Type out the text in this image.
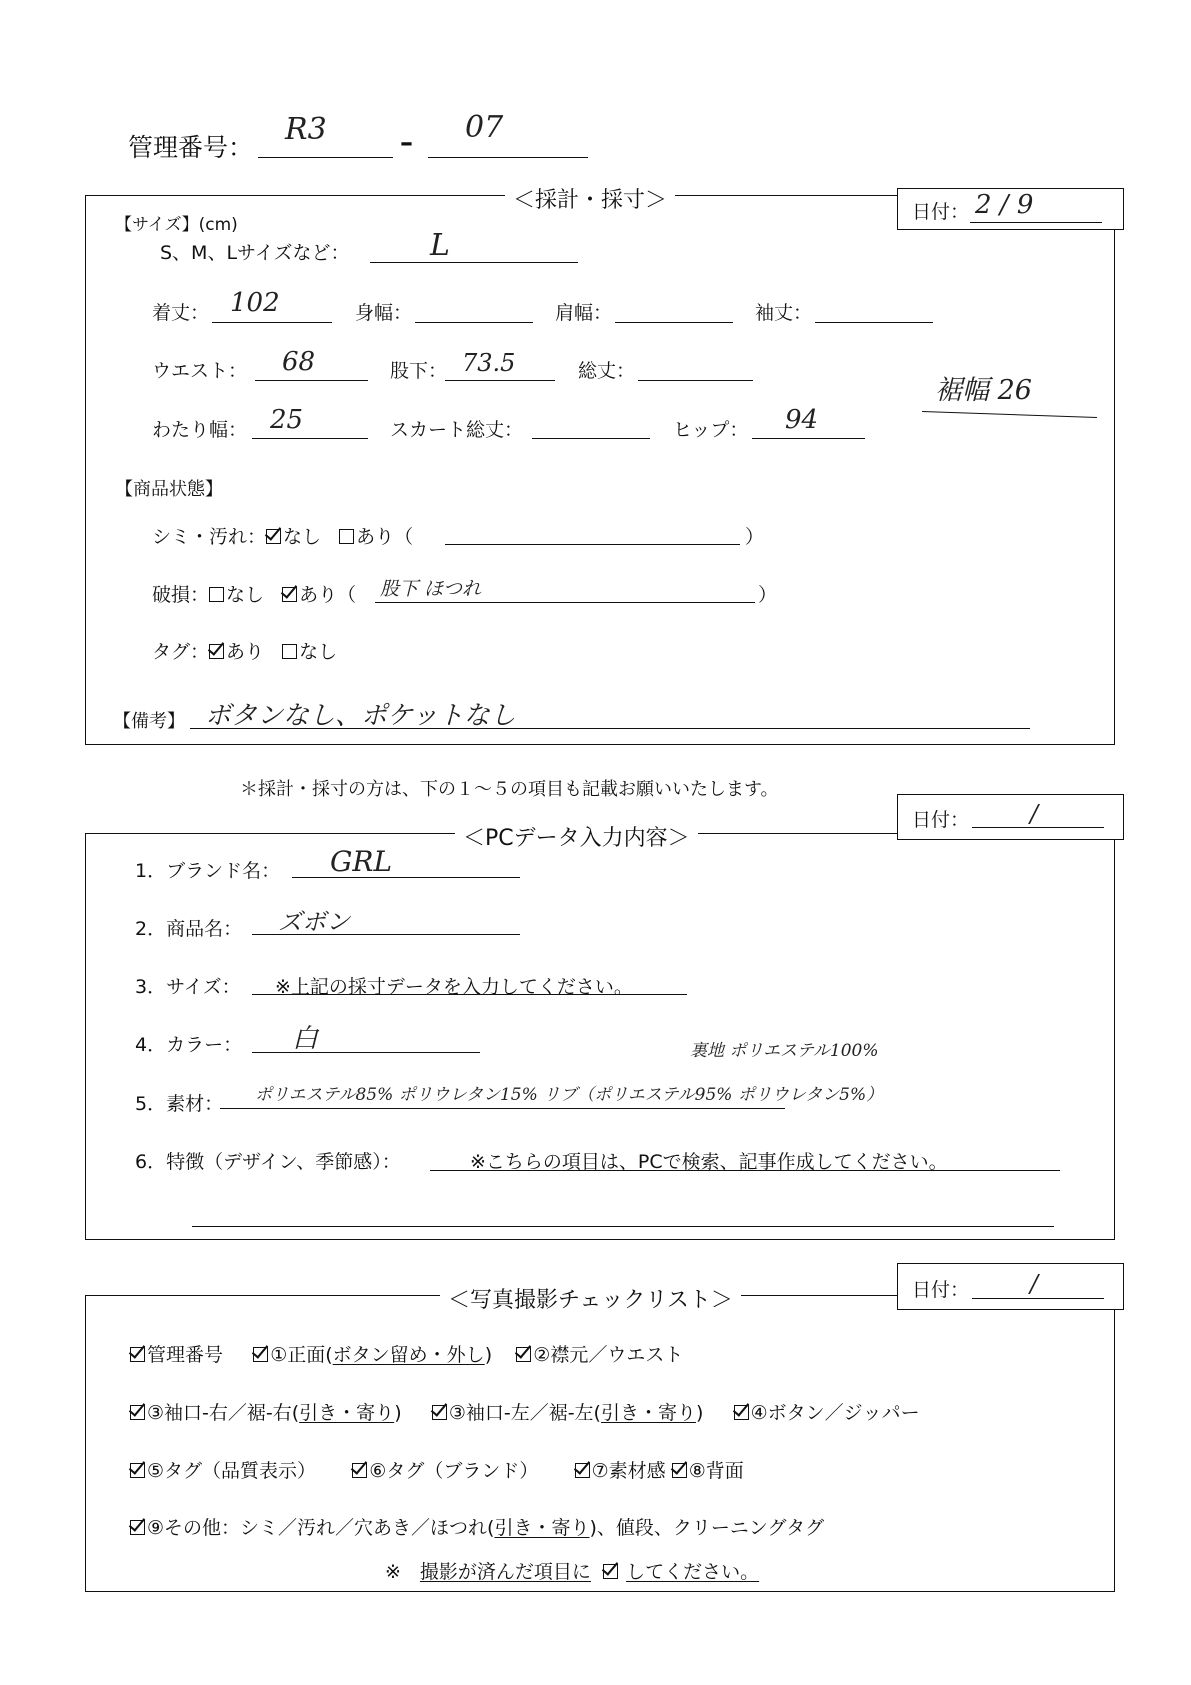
管理番号：
R3	– 07
＜採計・採寸＞	日付： 2 / 9
【サイズ】(cm)
S、M、Lサイズなど：	L
着丈： 102	身幅：	肩幅：	袖丈：
ウエスト： 68	股下： 73.5	総丈：
裾幅 26
わたり幅： 25	スカート総丈：	ヒップ： 94
【商品状態】
シミ・汚れ： なし あり（	）
破損： なし あり（ 股下 ほつれ	）
タグ： あり なし
【備考】 ボタンなし、ポケットなし
＊採計・採寸の方は、下の１～５の項目も記載お願いいたします。
＜PCデータ入力内容＞
日付：	/
1．ブランド名： GRL
2．商品名： ズボン
3．サイズ： ※上記の採寸データを入力してください。
4．カラー： 白	裏地 ポリエステル100%
5．素材： ポリエステル85% ポリウレタン15% リブ（ポリエステル95% ポリウレタン5%）
6．特徴（デザイン、季節感）：	※こちらの項目は、PCで検索、記事作成してください。
＜写真撮影チェックリスト＞	日付：	/
管理番号 ①正面(ボタン留め・外し) ②襟元／ウエスト
③袖口-右／裾-右(引き・寄り) ③袖口-左／裾-左(引き・寄り) ④ボタン／ジッパー
⑤タグ（品質表示）	⑥タグ（ブランド）	⑦素材感 ⑧背面
⑨その他：シミ／汚れ／穴あき／ほつれ(引き・寄り)、値段、クリーニングタグ
※　撮影が済んだ項目に してください。
